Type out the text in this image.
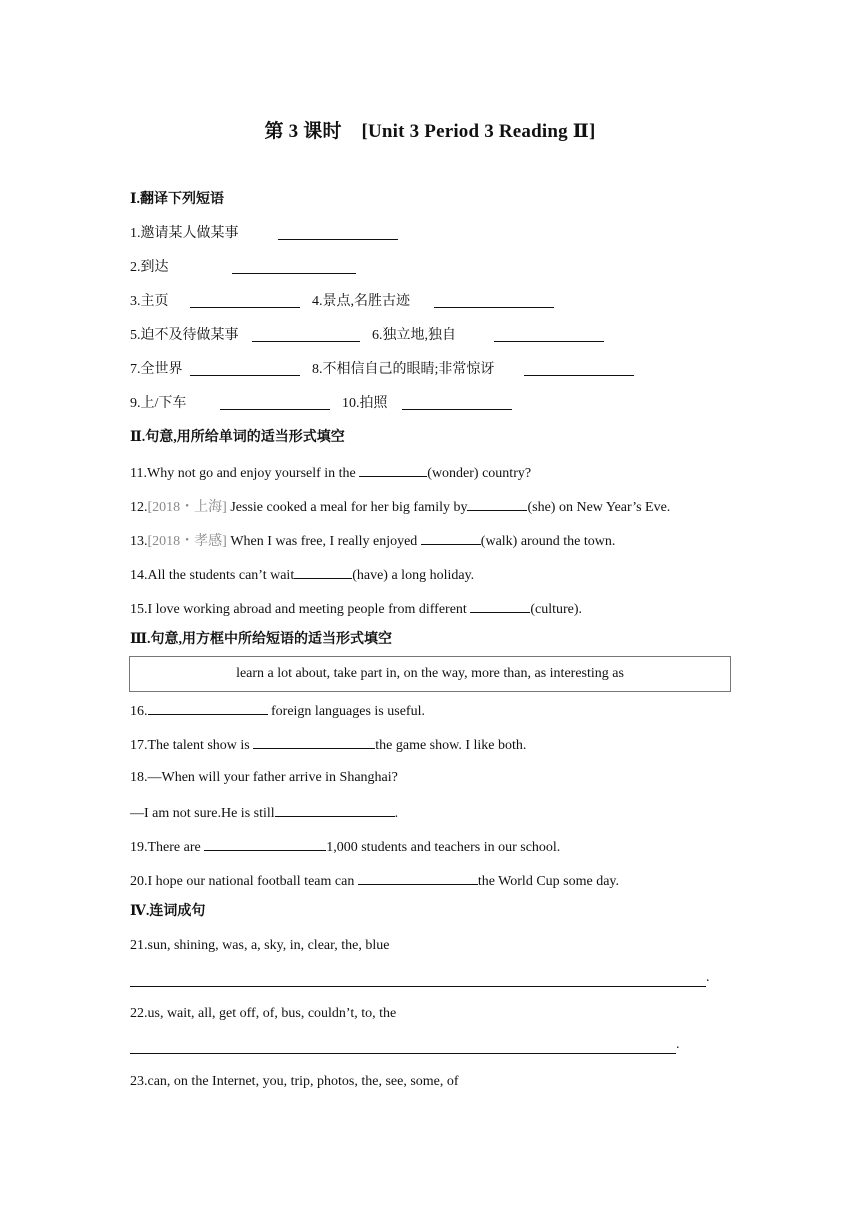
第 3 课时    [Unit 3 Period 3 Reading Ⅱ]
Ⅰ.翻译下列短语
1.邀请某人做某事
2.到达
3.主页	4.景点,名胜古迹
5.迫不及待做某事	6.独立地,独自
7.全世界	8.不相信自己的眼睛;非常惊讶
9.上/下车	10.拍照
Ⅱ.句意,用所给单词的适当形式填空
11.Why not go and enjoy yourself in the	(wonder) country?
12.[2018・上海] Jessie cooked a meal for her big family by	(she) on New Year’s Eve.
13.[2018・孝感] When I was free, I really enjoyed	(walk) around the town.
14.All the students can’t wait	(have) a long holiday.
15.I love working abroad and meeting people from different	(culture).
Ⅲ.句意,用方框中所给短语的适当形式填空
learn a lot about, take part in, on the way, more than, as interesting as
16.	foreign languages is useful.
17.The talent show is	the game show. I like both.
18.—When will your father arrive in Shanghai?
—I am not sure.He is still	.
19.There are	1,000 students and teachers in our school.
20.I hope our national football team can	the World Cup some day.
Ⅳ.连词成句
21.sun, shining, was, a, sky, in, clear, the, blue
.
22.us, wait, all, get off, of, bus, couldn’t, to, the
.
23.can, on the Internet, you, trip, photos, the, see, some, of
